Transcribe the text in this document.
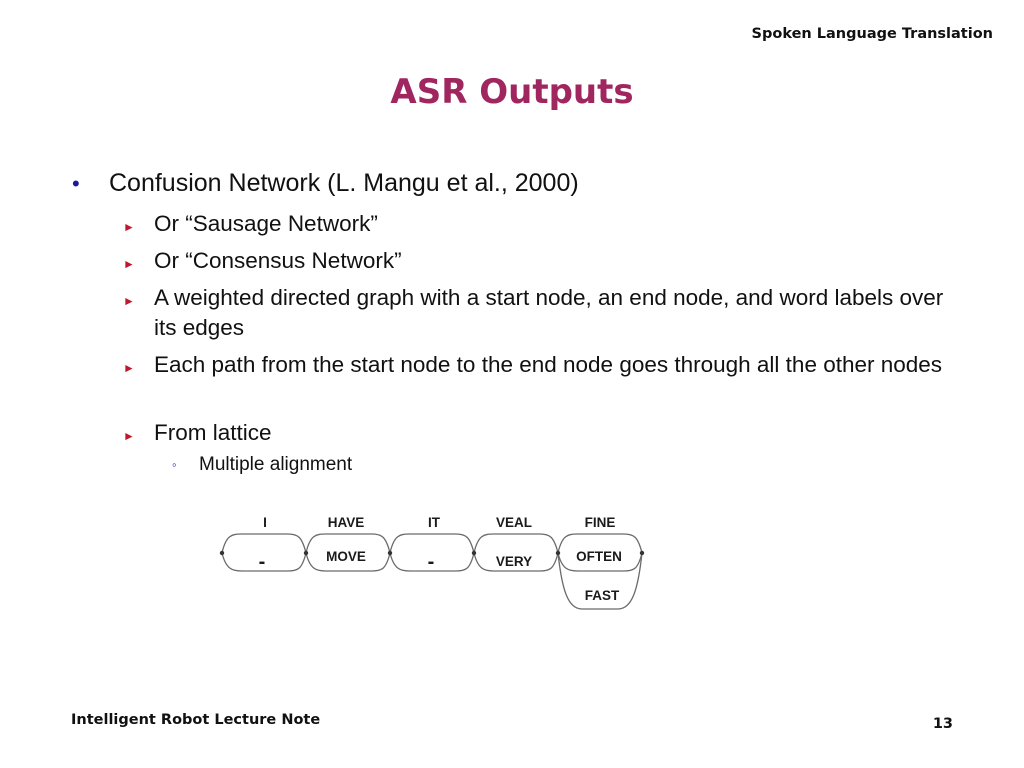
Spoken Language Translation
ASR Outputs
• Confusion Network (L. Mangu et al., 2000)
► Or “Sausage Network”
► Or “Consensus Network”
► A weighted directed graph with a start node, an end node, and word labels over its edges
► Each path from the start node to the end node goes through all the other nodes
► From lattice
◦ Multiple alignment
I
-
HAVE
MOVE
IT
-
VEAL
VERY
FINE
OFTEN
FAST
Intelligent Robot Lecture Note	13
